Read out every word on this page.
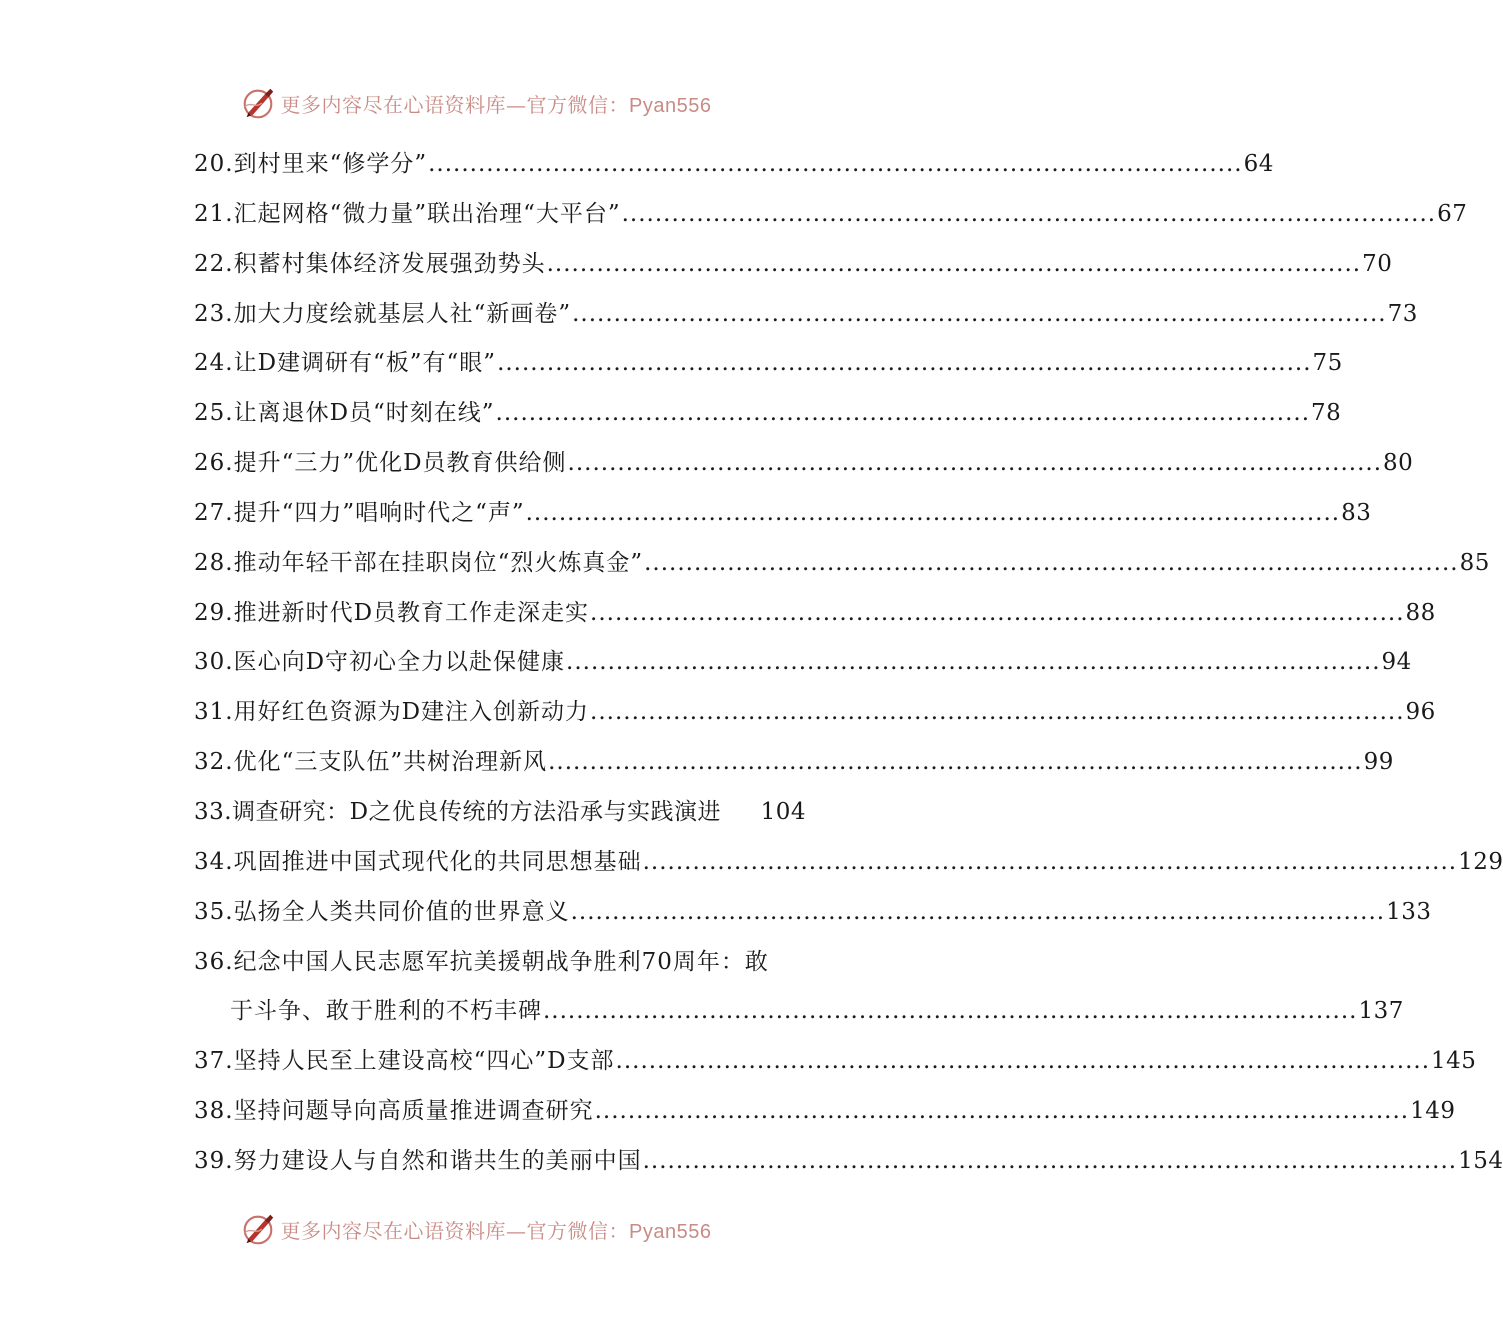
更多内容尽在心语资料库—官方微信：Pyan556
20.到村里来“修学分” .................................................................................................. 64
21.汇起网格“微力量”联出治理“大平台” .................................................................................................. 67
22.积蓄村集体经济发展强劲势头 .................................................................................................. 70
23.加大力度绘就基层人社“新画卷” .................................................................................................. 73
24.让D建调研有“板”有“眼” .................................................................................................. 75
25.让离退休D员“时刻在线” .................................................................................................. 78
26.提升“三力”优化D员教育供给侧 .................................................................................................. 80
27.提升“四力”唱响时代之“声” .................................................................................................. 83
28.推动年轻干部在挂职岗位“烈火炼真金” .................................................................................................. 85
29.推进新时代D员教育工作走深走实 .................................................................................................. 88
30.医心向D守初心全力以赴保健康 .................................................................................................. 94
31.用好红色资源为D建注入创新动力 .................................................................................................. 96
32.优化“三支队伍”共树治理新风 .................................................................................................. 99
33.调查研究：D之优良传统的方法沿承与实践演进 104
34.巩固推进中国式现代化的共同思想基础 .................................................................................................. 129
35.弘扬全人类共同价值的世界意义 .................................................................................................. 133
36.纪念中国人民志愿军抗美援朝战争胜利70周年：敢
于斗争、敢于胜利的不朽丰碑 .................................................................................................. 137
37.坚持人民至上建设高校“四心”D支部 .................................................................................................. 145
38.坚持问题导向高质量推进调查研究 .................................................................................................. 149
39.努力建设人与自然和谐共生的美丽中国 .................................................................................................. 154
更多内容尽在心语资料库—官方微信：Pyan556
